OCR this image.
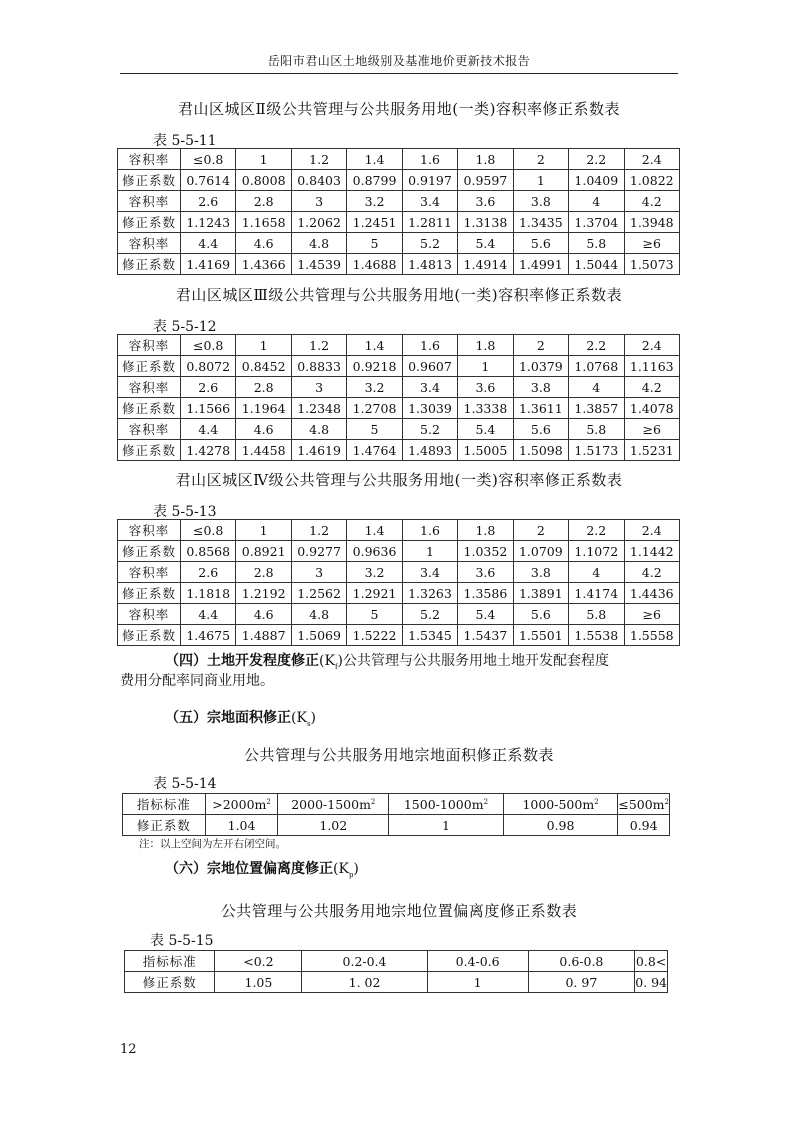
岳阳市君山区土地级别及基准地价更新技术报告
君山区城区Ⅱ级公共管理与公共服务用地(一类)容积率修正系数表
表 5-5-11
容积率	≤0.8	1	1.2	1.4	1.6	1.8	2	2.2	2.4
修正系数	0.7614	0.8008	0.8403	0.8799	0.9197	0.9597	1	1.0409	1.0822
容积率	2.6	2.8	3	3.2	3.4	3.6	3.8	4	4.2
修正系数	1.1243	1.1658	1.2062	1.2451	1.2811	1.3138	1.3435	1.3704	1.3948
容积率	4.4	4.6	4.8	5	5.2	5.4	5.6	5.8	≥6
修正系数	1.4169	1.4366	1.4539	1.4688	1.4813	1.4914	1.4991	1.5044	1.5073
君山区城区Ⅲ级公共管理与公共服务用地(一类)容积率修正系数表
表 5-5-12
容积率	≤0.8	1	1.2	1.4	1.6	1.8	2	2.2	2.4
修正系数	0.8072	0.8452	0.8833	0.9218	0.9607	1	1.0379	1.0768	1.1163
容积率	2.6	2.8	3	3.2	3.4	3.6	3.8	4	4.2
修正系数	1.1566	1.1964	1.2348	1.2708	1.3039	1.3338	1.3611	1.3857	1.4078
容积率	4.4	4.6	4.8	5	5.2	5.4	5.6	5.8	≥6
修正系数	1.4278	1.4458	1.4619	1.4764	1.4893	1.5005	1.5098	1.5173	1.5231
君山区城区Ⅳ级公共管理与公共服务用地(一类)容积率修正系数表
表 5-5-13
容积率	≤0.8	1	1.2	1.4	1.6	1.8	2	2.2	2.4
修正系数	0.8568	0.8921	0.9277	0.9636	1	1.0352	1.0709	1.1072	1.1442
容积率	2.6	2.8	3	3.2	3.4	3.6	3.8	4	4.2
修正系数	1.1818	1.2192	1.2562	1.2921	1.3263	1.3586	1.3891	1.4174	1.4436
容积率	4.4	4.6	4.8	5	5.2	5.4	5.6	5.8	≥6
修正系数	1.4675	1.4887	1.5069	1.5222	1.5345	1.5437	1.5501	1.5538	1.5558
（四）土地开发程度修正$(K_f)$公共管理与公共服务用地土地开发配套程度
费用分配率同商业用地。
（五）宗地面积修正$(K_s)$
公共管理与公共服务用地宗地面积修正系数表
表 5-5-14
指标标准	$>2000m^2$	$2000-1500m^2$	$1500-1000m^2$	$1000-500m^2$	$\le 500m^2$
修正系数	1.04	1.02	1	0.98	0.94
注：以上空间为左开右闭空间。
（六）宗地位置偏离度修正$(K_p)$
公共管理与公共服务用地宗地位置偏离度修正系数表
表 5-5-15
指标标准	<0.2	0.2-0.4	0.4-0.6	0.6-0.8	0.8<
修正系数	1.05	1. 02	1	0. 97	0. 94
12
